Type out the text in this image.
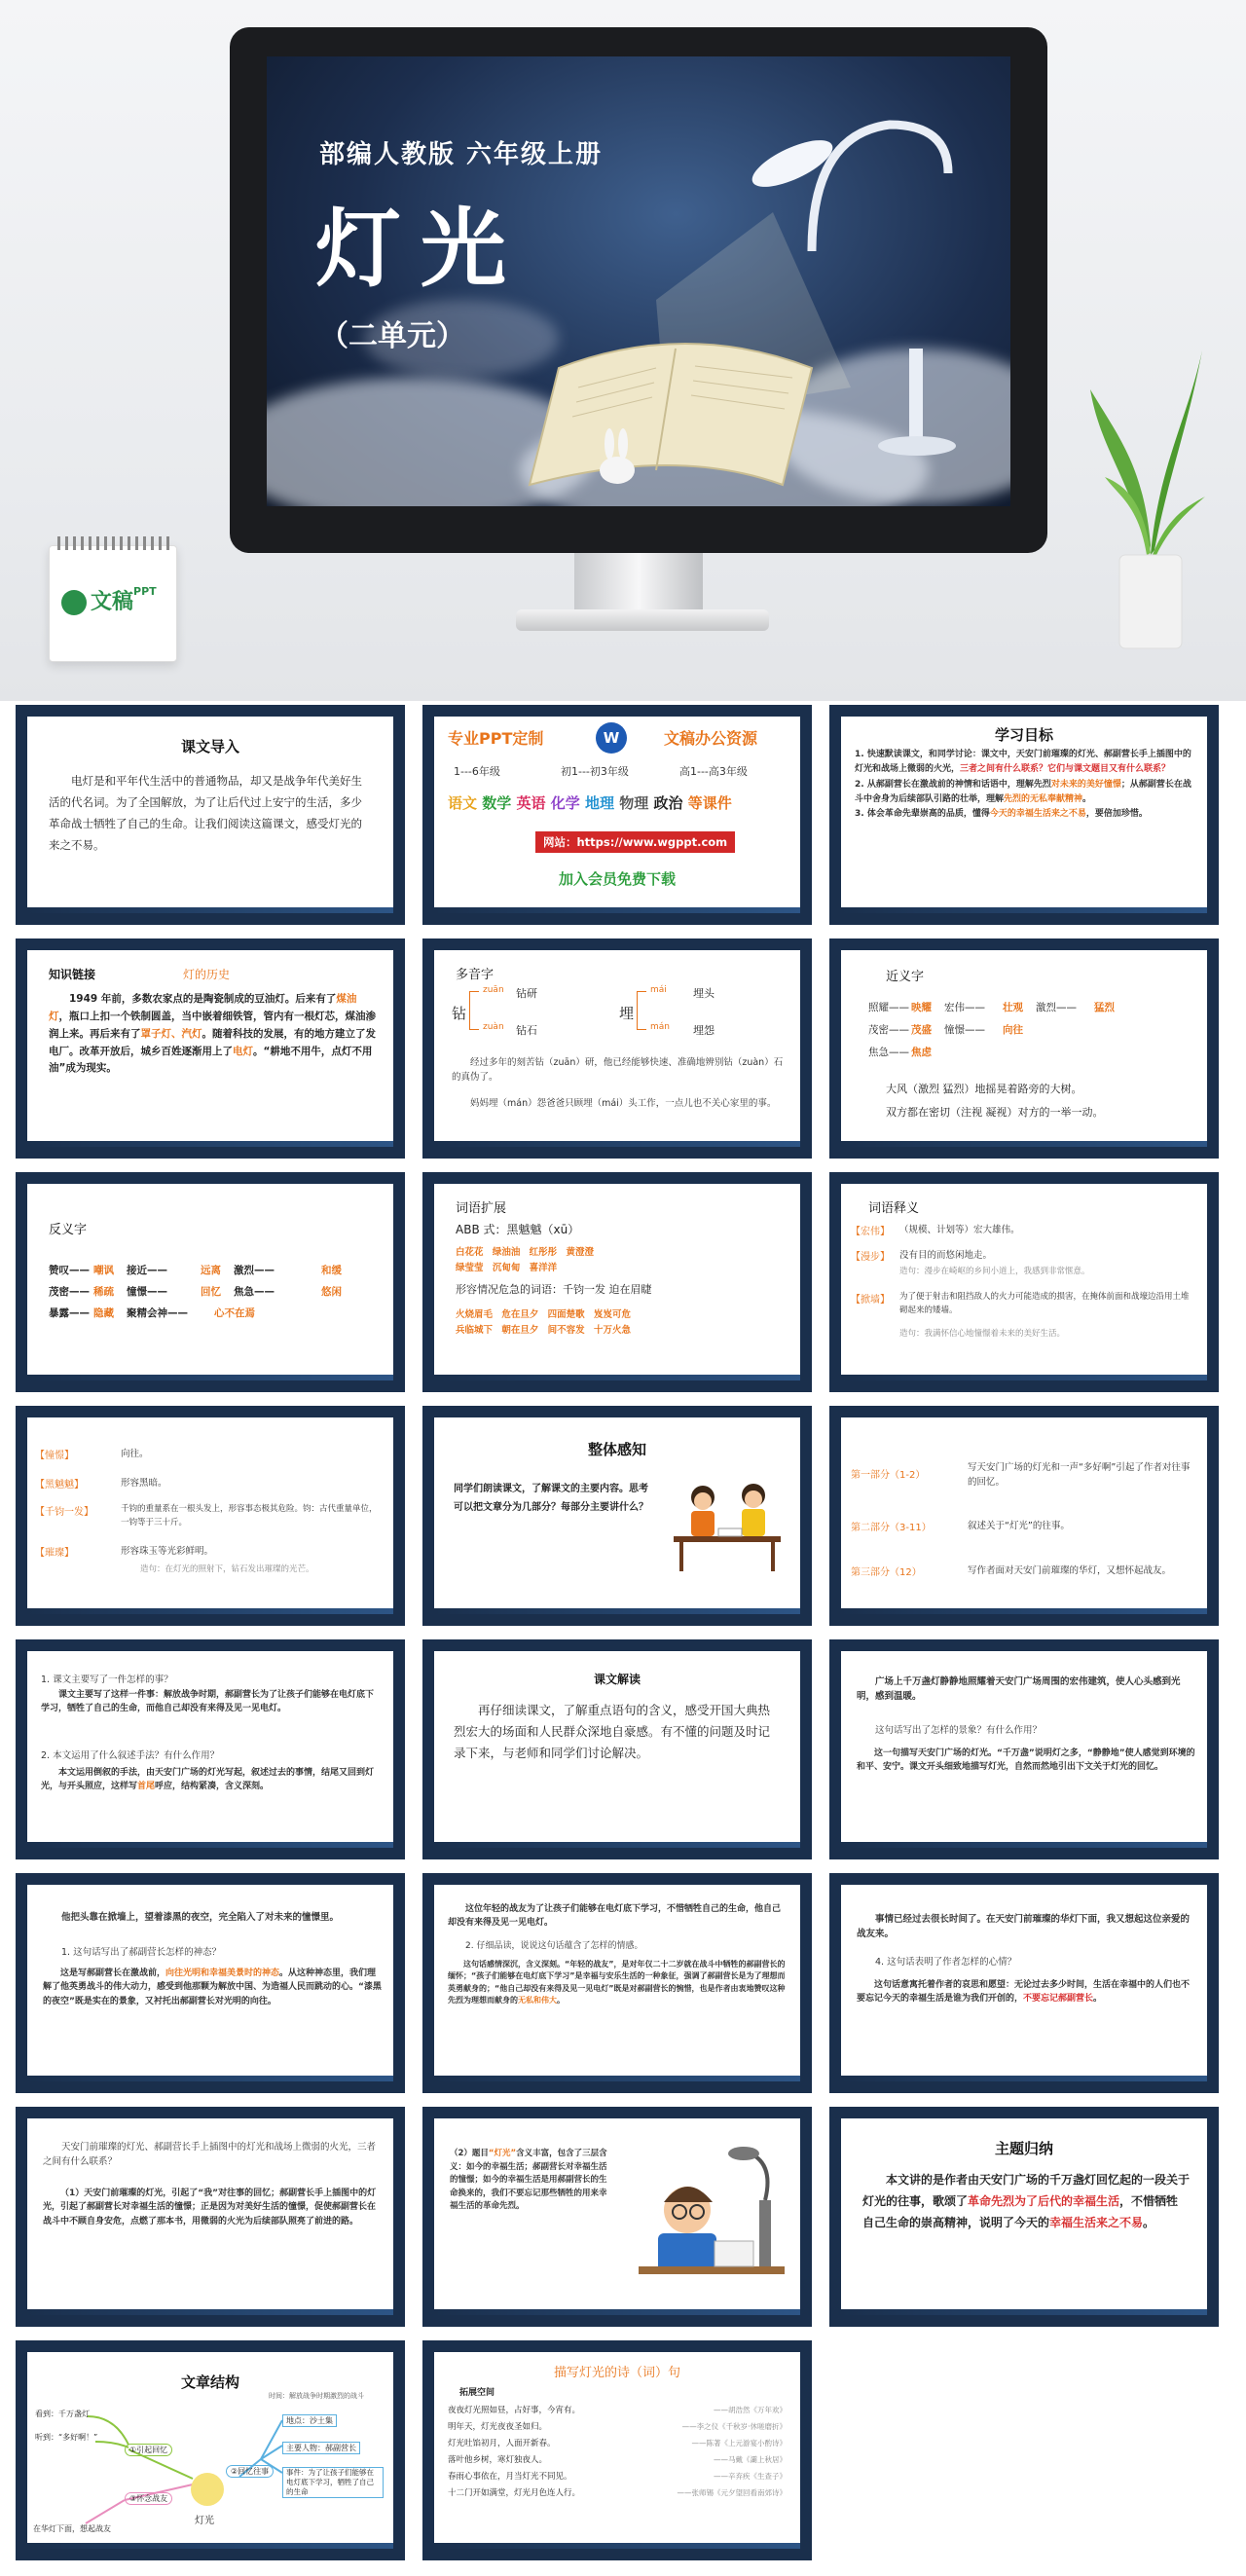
部编人教版 六年级上册
灯光
（二单元）
文稿$^{PPT}$
课文导入
电灯是和平年代生活中的普通物品，却又是战争年代美好生活的代名词。为了全国解放，为了让后代过上安宁的生活，多少革命战士牺牲了自己的生命。让我们阅读这篇课文，感受灯光的来之不易。
专业PPT定制	W	文稿办公资源
1---6年级	初1---初3年级	高1---高3年级
语文 数学 英语 化学 地理 物理 政治 等课件
网站：https://www.wgppt.com
加入会员免费下载
学习目标
1. 快速默读课文，和同学讨论：课文中，天安门前璀璨的灯光、郝副营长手上插图中的灯光和战场上微弱的火光，三者之间有什么联系？它们与课文题目又有什么联系？
2. 从郝副营长在激战前的神情和话语中，理解先烈对未来的美好憧憬；从郝副营长在战斗中舍身为后续部队引路的壮举，理解先烈的无私奉献精神。
3. 体会革命先辈崇高的品质，懂得今天的幸福生活来之不易，要倍加珍惜。
知识链接	灯的历史
1949 年前，多数农家点的是陶瓷制成的豆油灯。后来有了煤油灯，瓶口上扣一个铁制圆盖，当中嵌着细铁管，管内有一根灯芯，煤油渗润上来。再后来有了罩子灯、汽灯。随着科技的发展，有的地方建立了发电厂。改革开放后，城乡百姓逐渐用上了电灯。“耕地不用牛，点灯不用油”成为现实。
多音字
钻
zuān 钻研
zuàn 钻石
埋
mái 埋头
mán 埋怨
经过多年的刻苦钻（zuān）研，他已经能够快速、准确地辨别钻（zuàn）石的真伪了。
妈妈埋（mán）怨爸爸只顾埋（mái）头工作，一点儿也不关心家里的事。
近义字
照耀—— 映耀	宏伟——	壮观	激烈——	猛烈
茂密—— 茂盛	憧憬——	向往
焦急—— 焦虑
大风（激烈 猛烈）地摇晃着路旁的大树。
双方都在密切（注视 凝视）对方的一举一动。
反义字
赞叹—— 嘲讽	接近——	远离	激烈——	和缓
茂密—— 稀疏	憧憬——	回忆	焦急——	悠闲
暴露—— 隐藏	聚精会神——	心不在焉
词语扩展
ABB 式：黑魆魆（xū）
白花花 绿油油 红彤彤 黄澄澄
绿莹莹 沉甸甸 喜洋洋
形容情况危急的词语：千钧一发 迫在眉睫
火烧眉毛 危在旦夕 四面楚歌 岌岌可危
兵临城下 朝在旦夕 间不容发 十万火急
词语释义
【宏伟】 （规模、计划等）宏大雄伟。
【漫步】 没有目的而悠闲地走。
造句：漫步在崎岖的乡间小道上，我感到非常惬意。
【掀墙】 为了便于射击和阻挡敌人的火力可能造成的损害，在掩体前面和战壕边沿用土堆砌起来的矮墙。
造句：我满怀信心地憧憬着未来的美好生活。
【憧憬】	向往。
【黑魆魆】	形容黑暗。
【千钧一发】	千钧的重量系在一根头发上，形容事态极其危险。钧：古代重量单位，一钧等于三十斤。
【璀璨】	形容珠玉等光彩鲜明。
造句：在灯光的照射下，钻石发出璀璨的光芒。
整体感知
同学们朗读课文，了解课文的主要内容。思考可以把文章分为几部分？每部分主要讲什么？
第一部分（1-2）
写天安门广场的灯光和一声“多好啊”引起了作者对往事的回忆。
第二部分（3-11）	叙述关于“灯光”的往事。
第三部分（12）	写作者面对天安门前璀璨的华灯，又想怀起战友。
1. 课文主要写了一件怎样的事？
课文主要写了这样一件事：解放战争时期，郝副营长为了让孩子们能够在电灯底下学习，牺牲了自己的生命，而他自己却没有来得及见一见电灯。
2. 本文运用了什么叙述手法？有什么作用？
本文运用倒叙的手法，由天安门广场的灯光写起，叙述过去的事情，结尾又回到灯光，与开头照应，这样写首尾呼应，结构紧凑，含义深刻。
课文解读
再仔细读课文，了解重点语句的含义，感受开国大典热烈宏大的场面和人民群众深地自豪感。有不懂的问题及时记录下来，与老师和同学们讨论解决。
广场上千万盏灯静静地照耀着天安门广场周围的宏伟建筑，使人心头感到光明，感到温暖。
这句话写出了怎样的景象？有什么作用？
这一句描写天安门广场的灯光。“千万盏”说明灯之多，“静静地”使人感觉到环境的和平、安宁。课文开头细致地描写灯光，自然而然地引出下文关于灯光的回忆。
他把头靠在掀墙上，望着漆黑的夜空，完全陷入了对未来的憧憬里。
1. 这句话写出了郝副营长怎样的神态？
这是写郝副营长在激战前，向往光明和幸福美景时的神态。从这种神态里，我们理解了他英勇战斗的伟大动力，感受到他那颗为解放中国、为造福人民而跳动的心。“漆黑的夜空”既是实在的景象，又衬托出郝副营长对光明的向往。
这位年轻的战友为了让孩子们能够在电灯底下学习，不惜牺牲自己的生命，他自己却没有来得及见一见电灯。
2. 仔细品读，说说这句话蕴含了怎样的情感。
这句话感情深沉，含义深刻。“年轻的战友”，是对年仅二十二岁就在战斗中牺牲的郝副营长的缅怀；“孩子们能够在电灯底下学习”是幸福与安乐生活的一种象征，强调了郝副营长是为了理想而英勇献身的；“他自己却没有来得及见一见电灯”既是对郝副营长的惋惜，也是作者由衷地赞叹这种先烈为理想而献身的无私和伟大。
事情已经过去很长时间了。在天安门前璀璨的华灯下面，我又想起这位亲爱的战友来。
4. 这句话表明了作者怎样的心情？
这句话意寓托着作者的哀思和愿望：无论过去多少时间，生活在幸福中的人们也不要忘记今天的幸福生活是谁为我们开创的，不要忘记郝副营长。
天安门前璀璨的灯光、郝副营长手上插图中的灯光和战场上微弱的火光，三者之间有什么联系？
（1）天安门前璀璨的灯光，引起了“我”对往事的回忆；郝副营长手上插图中的灯光，引起了郝副营长对幸福生活的憧憬；正是因为对美好生活的憧憬，促使郝副营长在战斗中不顾自身安危，点燃了那本书，用微弱的火光为后续部队照亮了前进的路。
（2）题目“灯光”含义丰富，包含了三层含义：如今的幸福生活；郝副营长对幸福生活的憧憬；如今的幸福生活是用郝副营长的生命换来的，我们不要忘记那些牺牲的用来幸福生活的革命先烈。
主题归纳
本文讲的是作者由天安门广场的千万盏灯回忆起的一段关于灯光的往事，歌颂了革命先烈为了后代的幸福生活，不惜牺牲自己生命的崇高精神，说明了今天的幸福生活来之不易。
文章结构
看到：千万盏灯
听到：“多好啊！”
①引起回忆
②回忆往事
③怀念战友
在华灯下面，想起战友
灯光
时间：解放战争时期激烈的战斗
地点：沙土集
主要人物：郝副营长
事件：为了让孩子们能够在电灯底下学习，牺牲了自己的生命
描写灯光的诗（词）句
拓展空间
夜夜灯光照如昼，占好事，今宵有。	——胡浩然《万年欢》
明年天，灯光夜夜圣如归。	——李之仪《千秋岁·休嗟磨折》
灯光吐馅初月，人面开新春。	——陈著《上元游宴小酌诗》
落叶他乡树，寒灯独夜人。	——马戴《灞上秋居》
春雨心事依在，月当灯光不同见。	——辛弃疾《生查子》
十二门开如满堂，灯光月色连人行。	——张师锡《元夕望回看南郊诗》
